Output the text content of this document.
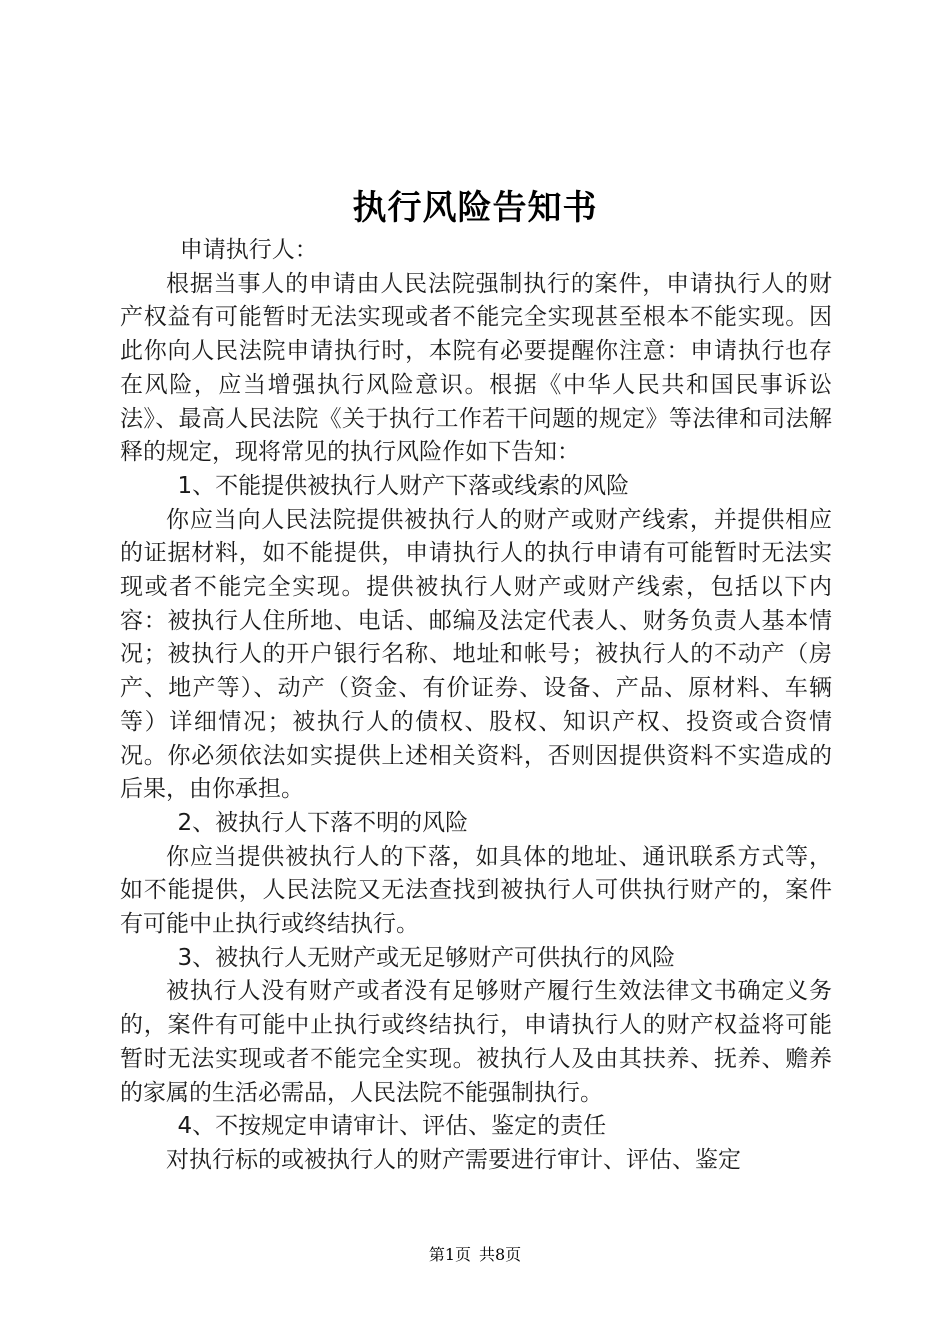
执行风险告知书

申请执行人：

根据当事人的申请由人民法院强制执行的案件，申请执行人的财产权益有可能暂时无法实现或者不能完全实现甚至根本不能实现。因此你向人民法院申请执行时，本院有必要提醒你注意：申请执行也存在风险，应当增强执行风险意识。根据《中华人民共和国民事诉讼法》、最高人民法院《关于执行工作若干问题的规定》等法律和司法解释的规定，现将常见的执行风险作如下告知：

1、不能提供被执行人财产下落或线索的风险

你应当向人民法院提供被执行人的财产或财产线索，并提供相应的证据材料，如不能提供，申请执行人的执行申请有可能暂时无法实现或者不能完全实现。提供被执行人财产或财产线索，包括以下内容：被执行人住所地、电话、邮编及法定代表人、财务负责人基本情况；被执行人的开户银行名称、地址和帐号；被执行人的不动产（房产、地产等）、动产（资金、有价证券、设备、产品、原材料、车辆等）详细情况；被执行人的债权、股权、知识产权、投资或合资情况。你必须依法如实提供上述相关资料，否则因提供资料不实造成的后果，由你承担。

2、被执行人下落不明的风险

你应当提供被执行人的下落，如具体的地址、通讯联系方式等，如不能提供，人民法院又无法查找到被执行人可供执行财产的，案件有可能中止执行或终结执行。

3、被执行人无财产或无足够财产可供执行的风险

被执行人没有财产或者没有足够财产履行生效法律文书确定义务的，案件有可能中止执行或终结执行，申请执行人的财产权益将可能暂时无法实现或者不能完全实现。被执行人及由其扶养、抚养、赡养的家属的生活必需品，人民法院不能强制执行。

4、不按规定申请审计、评估、鉴定的责任

对执行标的或被执行人的财产需要进行审计、评估、鉴定

第1页 共8页
